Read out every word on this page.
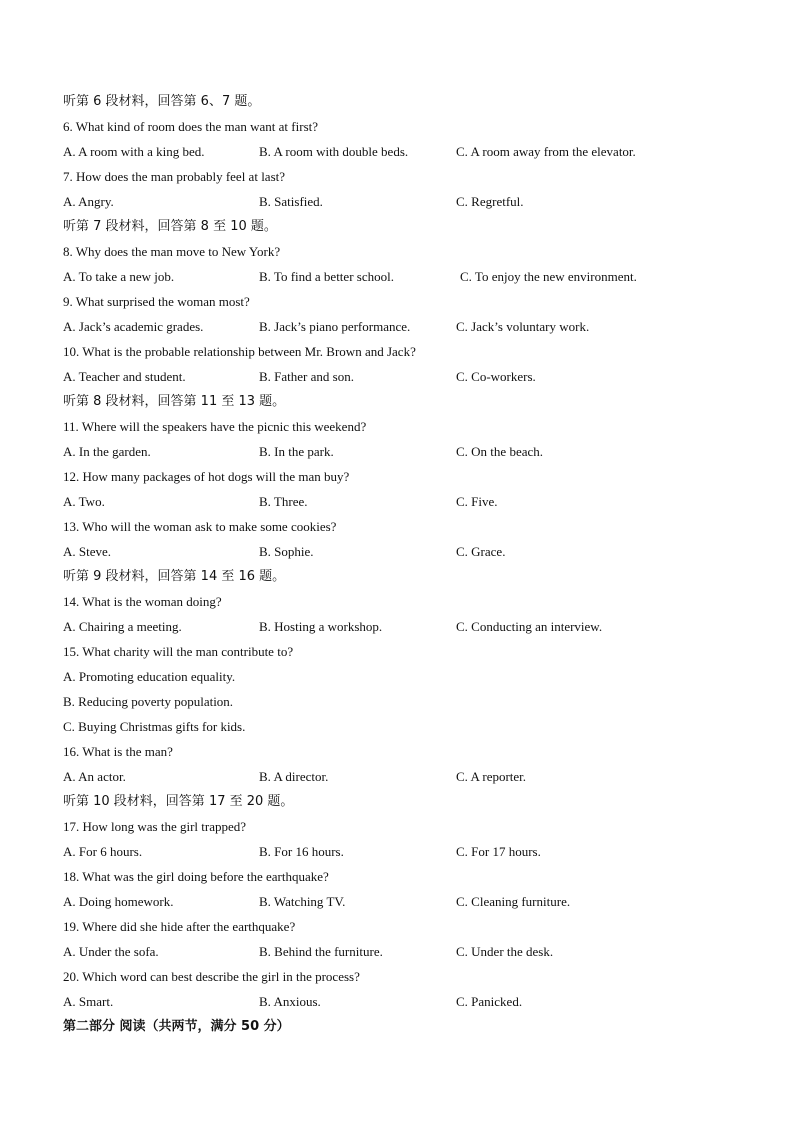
听第 6 段材料，回答第 6、7 题。
6. What kind of room does the man want at first?
A. A room with a king bed.	B. A room with double beds.	C. A room away from the elevator.
7. How does the man probably feel at last?
A. Angry.	B. Satisfied.	C. Regretful.
听第 7 段材料，回答第 8 至 10 题。
8. Why does the man move to New York?
A. To take a new job.	B. To find a better school.	C. To enjoy the new environment.
9. What surprised the woman most?
A. Jack’s academic grades.	B. Jack’s piano performance.	C. Jack’s voluntary work.
10. What is the probable relationship between Mr. Brown and Jack?
A. Teacher and student.	B. Father and son.	C. Co-workers.
听第 8 段材料，回答第 11 至 13 题。
11. Where will the speakers have the picnic this weekend?
A. In the garden.	B. In the park.	C. On the beach.
12. How many packages of hot dogs will the man buy?
A. Two.	B. Three.	C. Five.
13. Who will the woman ask to make some cookies?
A. Steve.	B. Sophie.	C. Grace.
听第 9 段材料，回答第 14 至 16 题。
14. What is the woman doing?
A. Chairing a meeting.	B. Hosting a workshop.	C. Conducting an interview.
15. What charity will the man contribute to?
A. Promoting education equality.
B. Reducing poverty population.
C. Buying Christmas gifts for kids.
16. What is the man?
A. An actor.	B. A director.	C. A reporter.
听第 10 段材料，回答第 17 至 20 题。
17. How long was the girl trapped?
A. For 6 hours.	B. For 16 hours.	C. For 17 hours.
18. What was the girl doing before the earthquake?
A. Doing homework.	B. Watching TV.	C. Cleaning furniture.
19. Where did she hide after the earthquake?
A. Under the sofa.	B. Behind the furniture.	C. Under the desk.
20. Which word can best describe the girl in the process?
A. Smart.	B. Anxious.	C. Panicked.
第二部分 阅读（共两节，满分 50 分）
